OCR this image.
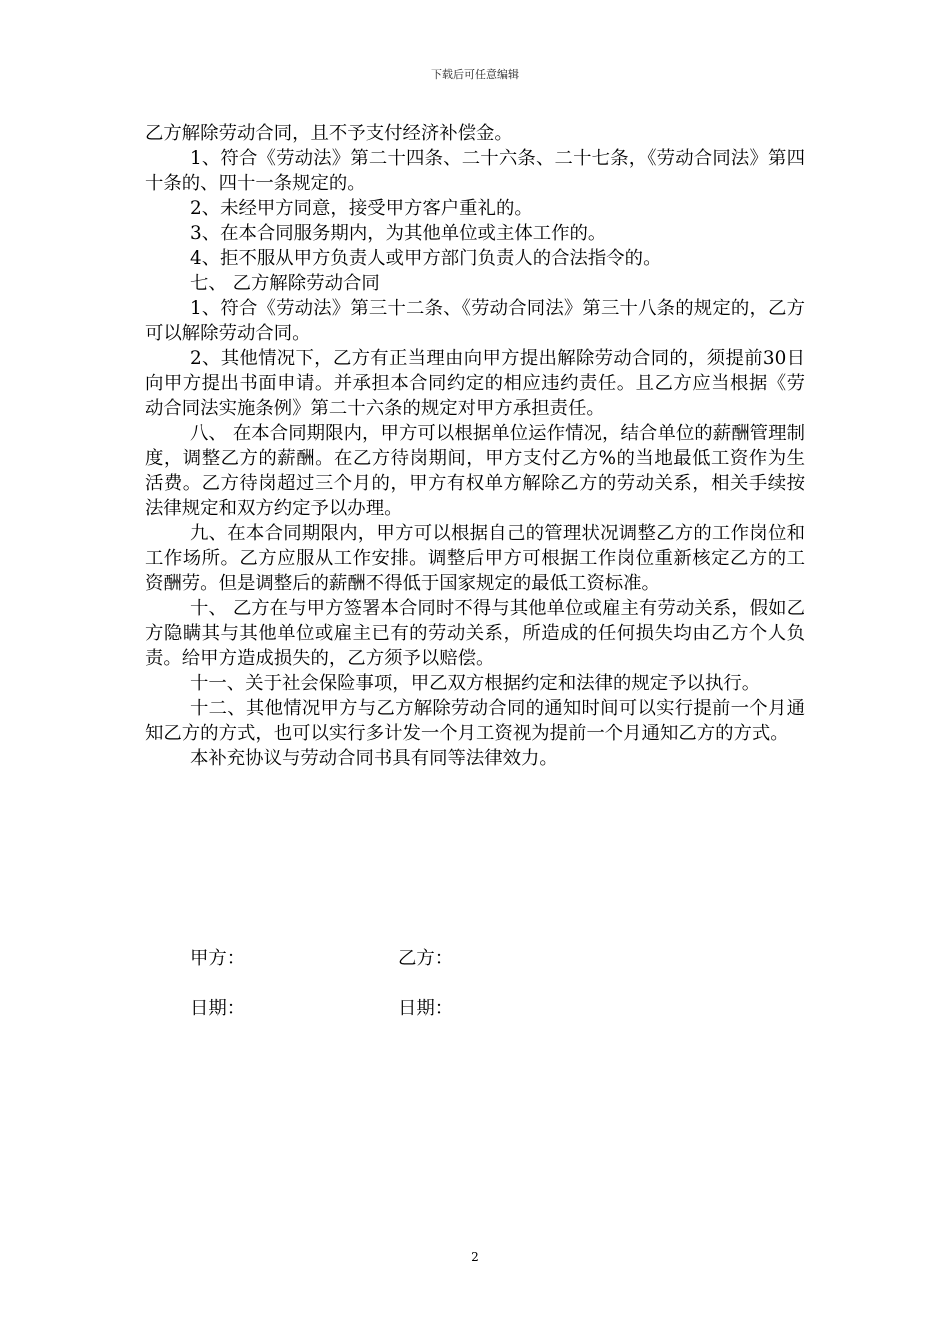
下载后可任意编辑

乙方解除劳动合同，且不予支付经济补偿金。

1、符合《劳动法》第二十四条、二十六条、二十七条，《劳动合同法》第四十条的、四十一条规定的。

2、未经甲方同意，接受甲方客户重礼的。

3、在本合同服务期内，为其他单位或主体工作的。

4、拒不服从甲方负责人或甲方部门负责人的合法指令的。

七、 乙方解除劳动合同

1、符合《劳动法》第三十二条、《劳动合同法》第三十八条的规定的，乙方可以解除劳动合同。

2、其他情况下，乙方有正当理由向甲方提出解除劳动合同的，须提前30日向甲方提出书面申请。并承担本合同约定的相应违约责任。且乙方应当根据《劳动合同法实施条例》第二十六条的规定对甲方承担责任。

八、 在本合同期限内，甲方可以根据单位运作情况，结合单位的薪酬管理制度，调整乙方的薪酬。在乙方待岗期间，甲方支付乙方%的当地最低工资作为生活费。乙方待岗超过三个月的，甲方有权单方解除乙方的劳动关系，相关手续按法律规定和双方约定予以办理。

九、在本合同期限内，甲方可以根据自己的管理状况调整乙方的工作岗位和工作场所。乙方应服从工作安排。调整后甲方可根据工作岗位重新核定乙方的工资酬劳。但是调整后的薪酬不得低于国家规定的最低工资标准。

十、 乙方在与甲方签署本合同时不得与其他单位或雇主有劳动关系，假如乙方隐瞒其与其他单位或雇主已有的劳动关系，所造成的任何损失均由乙方个人负责。给甲方造成损失的，乙方须予以赔偿。

十一、关于社会保险事项，甲乙双方根据约定和法律的规定予以执行。

十二、其他情况甲方与乙方解除劳动合同的通知时间可以实行提前一个月通知乙方的方式，也可以实行多计发一个月工资视为提前一个月通知乙方的方式。

本补充协议与劳动合同书具有同等法律效力。

甲方：	乙方：
日期：	日期：
2
